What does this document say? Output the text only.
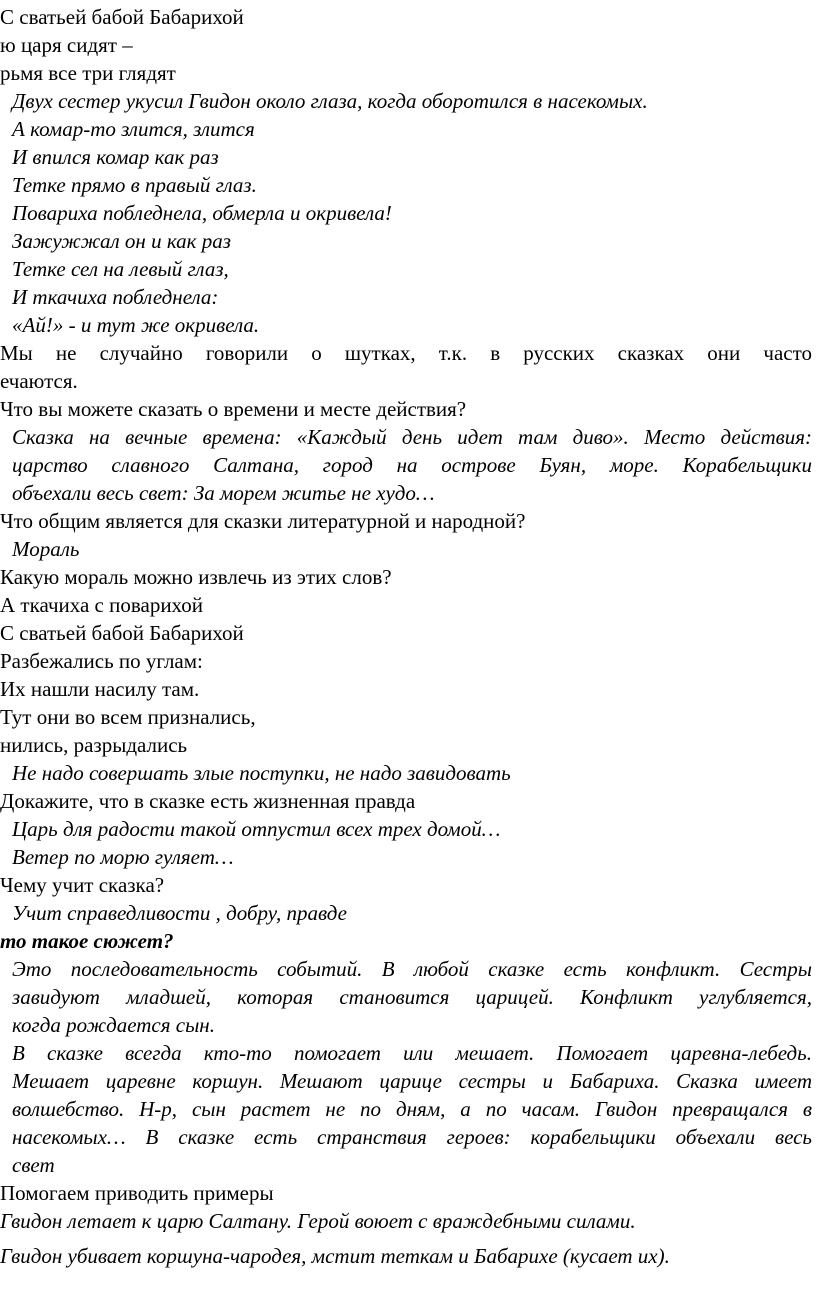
С сватьей бабой Бабарихой
ю царя сидят –
рьмя все три глядят
Двух сестер укусил Гвидон около глаза, когда оборотился в насекомых.
А комар-то злится, злится
И впился комар как раз
Тетке прямо в правый глаз.
Повариха побледнела, обмерла и окривела!
Зажужжал он и как раз
Тетке сел на левый глаз,
И ткачиха побледнела:
«Ай!» - и тут же окривела.
Мы не случайно говорили о шутках, т.к. в русских сказках они часто
ечаются.
Что вы можете сказать о времени и месте действия?
Сказка на вечные времена: «Каждый день идет там диво». Место действия:
царство славного Салтана, город на острове Буян, море. Корабельщики
объехали весь свет: За морем житье не худо…
Что общим является для сказки литературной и народной?
Мораль
Какую мораль можно извлечь из этих слов?
А ткачиха с поварихой
С сватьей бабой Бабарихой
Разбежались по углам:
Их нашли насилу там.
Тут они во всем признались,
нились, разрыдались
Не надо совершать злые поступки, не надо завидовать
Докажите, что в сказке есть жизненная правда
Царь для радости такой отпустил всех трех домой…
Ветер по морю гуляет…
Чему учит сказка?
Учит справедливости , добру, правде
то такое сюжет?
Это последовательность событий. В любой сказке есть конфликт. Сестры
завидуют младшей, которая становится царицей. Конфликт углубляется,
когда рождается сын.
В сказке всегда кто-то помогает или мешает. Помогает царевна-лебедь.
Мешает царевне коршун. Мешают царице сестры и Бабариха. Сказка имеет
волшебство. Н-р, сын растет не по дням, а по часам. Гвидон превращался в
насекомых… В сказке есть странствия героев: корабельщики объехали весь
свет
Помогаем приводить примеры
Гвидон летает к царю Салтану. Герой воюет с враждебными силами.
Гвидон убивает коршуна-чародея, мстит теткам и Бабарихе (кусает их).
